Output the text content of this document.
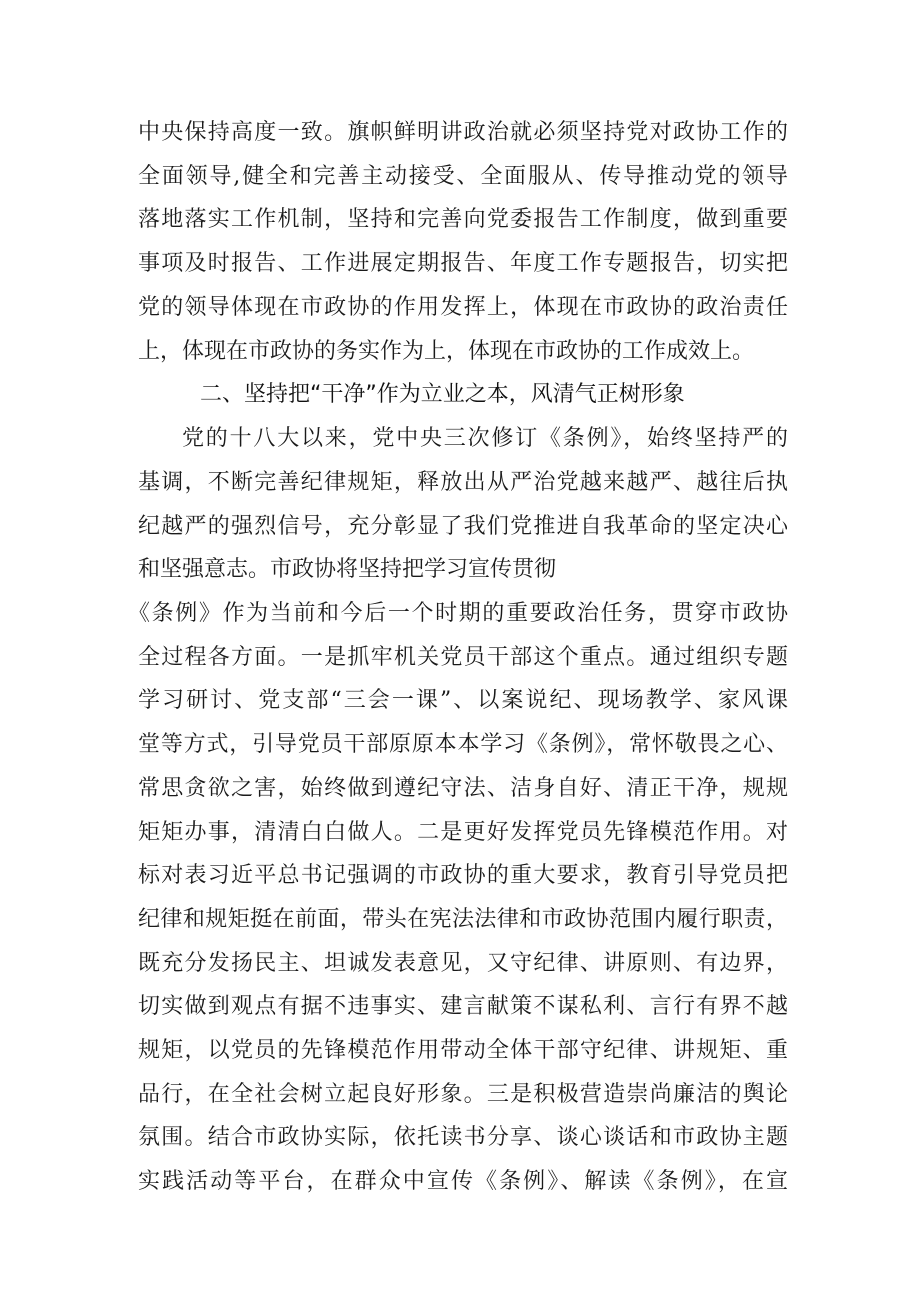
中央保持高度一致。旗帜鲜明讲政治就必须坚持党对政协工作的
全面领导,健全和完善主动接受、全面服从、传导推动党的领导
落地落实工作机制，坚持和完善向党委报告工作制度，做到重要
事项及时报告、工作进展定期报告、年度工作专题报告，切实把
党的领导体现在市政协的作用发挥上，体现在市政协的政治责任
上，体现在市政协的务实作为上，体现在市政协的工作成效上。
二、坚持把“干净”作为立业之本，风清气正树形象
党的十八大以来，党中央三次修订《条例》，始终坚持严的
基调，不断完善纪律规矩，释放出从严治党越来越严、越往后执
纪越严的强烈信号，充分彰显了我们党推进自我革命的坚定决心
和坚强意志。市政协将坚持把学习宣传贯彻
《条例》作为当前和今后一个时期的重要政治任务，贯穿市政协
全过程各方面。一是抓牢机关党员干部这个重点。通过组织专题
学习研讨、党支部“三会一课”、以案说纪、现场教学、家风课
堂等方式，引导党员干部原原本本学习《条例》，常怀敬畏之心、
常思贪欲之害，始终做到遵纪守法、洁身自好、清正干净，规规
矩矩办事，清清白白做人。二是更好发挥党员先锋模范作用。对
标对表习近平总书记强调的市政协的重大要求，教育引导党员把
纪律和规矩挺在前面，带头在宪法法律和市政协范围内履行职责，
既充分发扬民主、坦诚发表意见，又守纪律、讲原则、有边界，
切实做到观点有据不违事实、建言献策不谋私利、言行有界不越
规矩，以党员的先锋模范作用带动全体干部守纪律、讲规矩、重
品行，在全社会树立起良好形象。三是积极营造崇尚廉洁的舆论
氛围。结合市政协实际，依托读书分享、谈心谈话和市政协主题
实践活动等平台，在群众中宣传《条例》、解读《条例》，在宣
